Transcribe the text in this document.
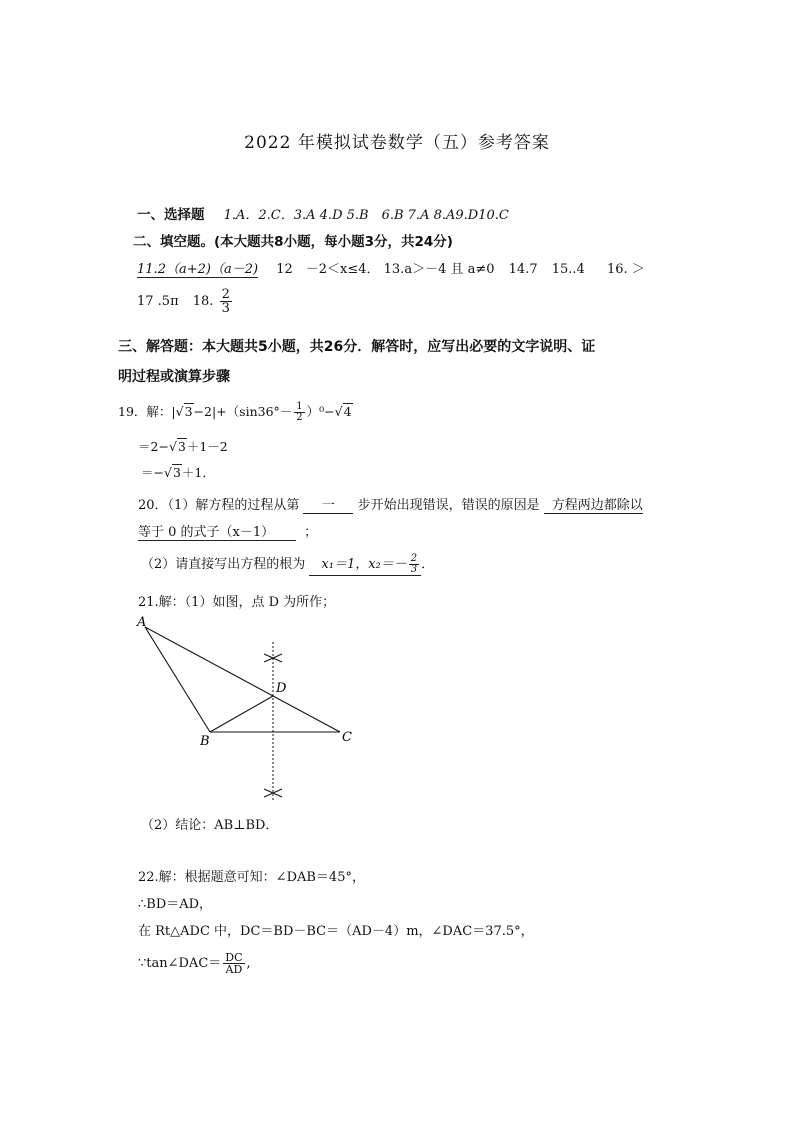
2022 年模拟试卷数学（五）参考答案
一、选择题 1.A．2.C．3.A 4.D 5.B　6.B 7.A 8.A9.D10.C
二、填空题。(本大题共8小题，每小题3分，共24分)
11.2（a+2)（a－2) 12　－2＜x≤4． 13.a＞－4 且 a≠0 14.7 15..4 16. ＞
17 .5π 18. $\frac{2}{3}$
三、解答题：本大题共5小题，共26分．解答时，应写出必要的文字说明、证
明过程或演算步骤
19．解：$|√3-2|+(\sin 36^\circ- \frac{1}{2} )^0-√4$
＝2−√3＋1－2
＝−√3＋1．
20．（1）解方程的过程从第 一 步开始出现错误，错误的原因是 方程两边都除以
等于 0 的式子（x－1） ；
（2）请直接写出方程的根为 x₁＝1，$x_2=- \frac{2}{3}$ ．
21.解：（1）如图，点 D 为所作；
A
B	C
D
（2）结论：AB⊥BD．
22.解：根据题意可知：∠DAB＝45°，
∴BD＝AD，
在 Rt△ADC 中，DC＝BD－BC＝（AD－4）m，∠DAC＝37.5°，
∵tan∠DAC＝ $\frac{DC}{AD}$ ,
